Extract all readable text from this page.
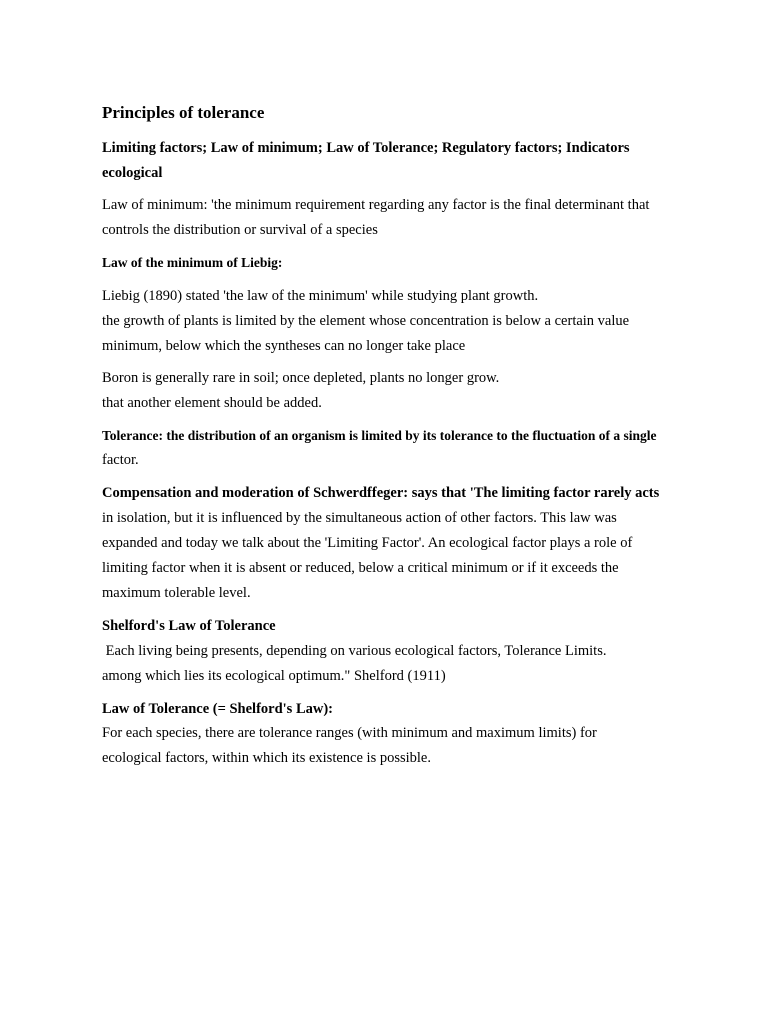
Principles of tolerance

Limiting factors; Law of minimum; Law of Tolerance; Regulatory factors; Indicators
ecological

Law of minimum: 'the minimum requirement regarding any factor is the final determinant that
controls the distribution or survival of a species

Law of the minimum of Liebig:

Liebig (1890) stated 'the law of the minimum' while studying plant growth.
the growth of plants is limited by the element whose concentration is below a certain value
minimum, below which the syntheses can no longer take place

Boron is generally rare in soil; once depleted, plants no longer grow.
that another element should be added.

Tolerance: the distribution of an organism is limited by its tolerance to the fluctuation of a single
factor.

Compensation and moderation of Schwerdffeger: says that 'The limiting factor rarely acts
in isolation, but it is influenced by the simultaneous action of other factors. This law was
expanded and today we talk about the 'Limiting Factor'. An ecological factor plays a role of
limiting factor when it is absent or reduced, below a critical minimum or if it exceeds the
maximum tolerable level.

Shelford's Law of Tolerance

Each living being presents, depending on various ecological factors, Tolerance Limits.
among which lies its ecological optimum." Shelford (1911)

Law of Tolerance (= Shelford's Law):

For each species, there are tolerance ranges (with minimum and maximum limits) for
ecological factors, within which its existence is possible.
